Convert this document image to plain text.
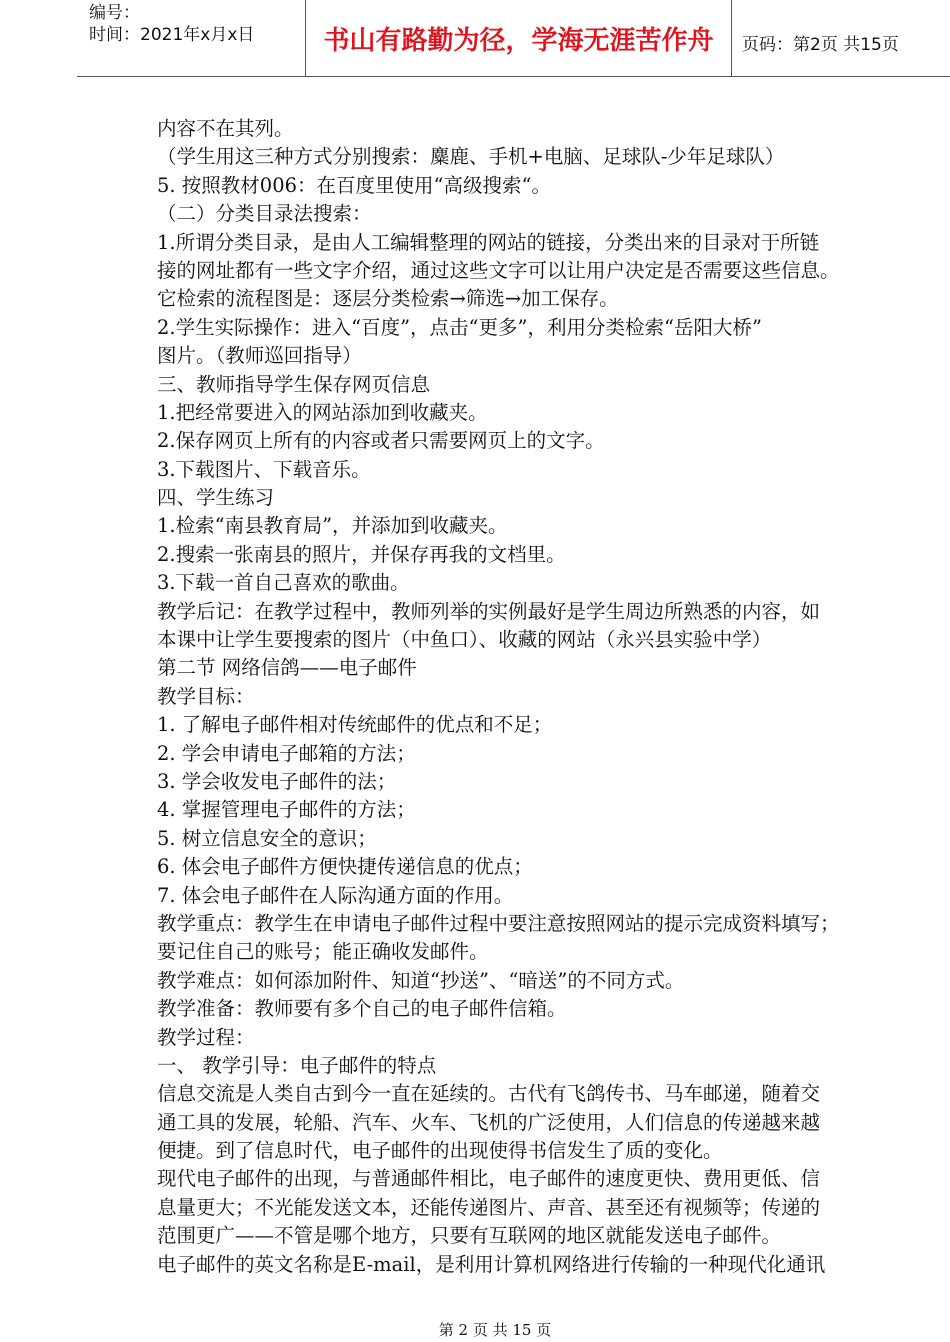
编号：
时间：2021年x月x日	书山有路勤为径，学海无涯苦作舟	页码：第2页 共15页
内容不在其列。
（学生用这三种方式分别搜索：麋鹿、手机+电脑、足球队-少年足球队）
5. 按照教材006：在百度里使用“高级搜索“。
（二）分类目录法搜索：
1.所谓分类目录，是由人工编辑整理的网站的链接，分类出来的目录对于所链
接的网址都有一些文字介绍，通过这些文字可以让用户决定是否需要这些信息。
它检索的流程图是：逐层分类检索→筛选→加工保存。
2.学生实际操作：进入“百度”，点击“更多”，利用分类检索“岳阳大桥”
图片。（教师巡回指导）
三、教师指导学生保存网页信息
1.把经常要进入的网站添加到收藏夹。
2.保存网页上所有的内容或者只需要网页上的文字。
3.下载图片、下载音乐。
四、学生练习
1.检索“南县教育局”，并添加到收藏夹。
2.搜索一张南县的照片，并保存再我的文档里。
3.下载一首自己喜欢的歌曲。
教学后记：在教学过程中，教师列举的实例最好是学生周边所熟悉的内容，如
本课中让学生要搜索的图片（中鱼口）、收藏的网站（永兴县实验中学）
第二节 网络信鸽——电子邮件
教学目标：
1. 了解电子邮件相对传统邮件的优点和不足；
2. 学会申请电子邮箱的方法；
3. 学会收发电子邮件的法；
4. 掌握管理电子邮件的方法；
5. 树立信息安全的意识；
6. 体会电子邮件方便快捷传递信息的优点；
7. 体会电子邮件在人际沟通方面的作用。
教学重点：教学生在申请电子邮件过程中要注意按照网站的提示完成资料填写；
要记住自己的账号；能正确收发邮件。
教学难点：如何添加附件、知道“抄送”、“暗送”的不同方式。
教学准备：教师要有多个自己的电子邮件信箱。
教学过程：
一、 教学引导：电子邮件的特点
信息交流是人类自古到今一直在延续的。古代有飞鸽传书、马车邮递，随着交
通工具的发展，轮船、汽车、火车、飞机的广泛使用，人们信息的传递越来越
便捷。到了信息时代，电子邮件的出现使得书信发生了质的变化。
现代电子邮件的出现，与普通邮件相比，电子邮件的速度更快、费用更低、信
息量更大；不光能发送文本，还能传递图片、声音、甚至还有视频等；传递的
范围更广——不管是哪个地方，只要有互联网的地区就能发送电子邮件。
电子邮件的英文名称是E-mail，是利用计算机网络进行传输的一种现代化通讯
第 2 页 共 15 页
